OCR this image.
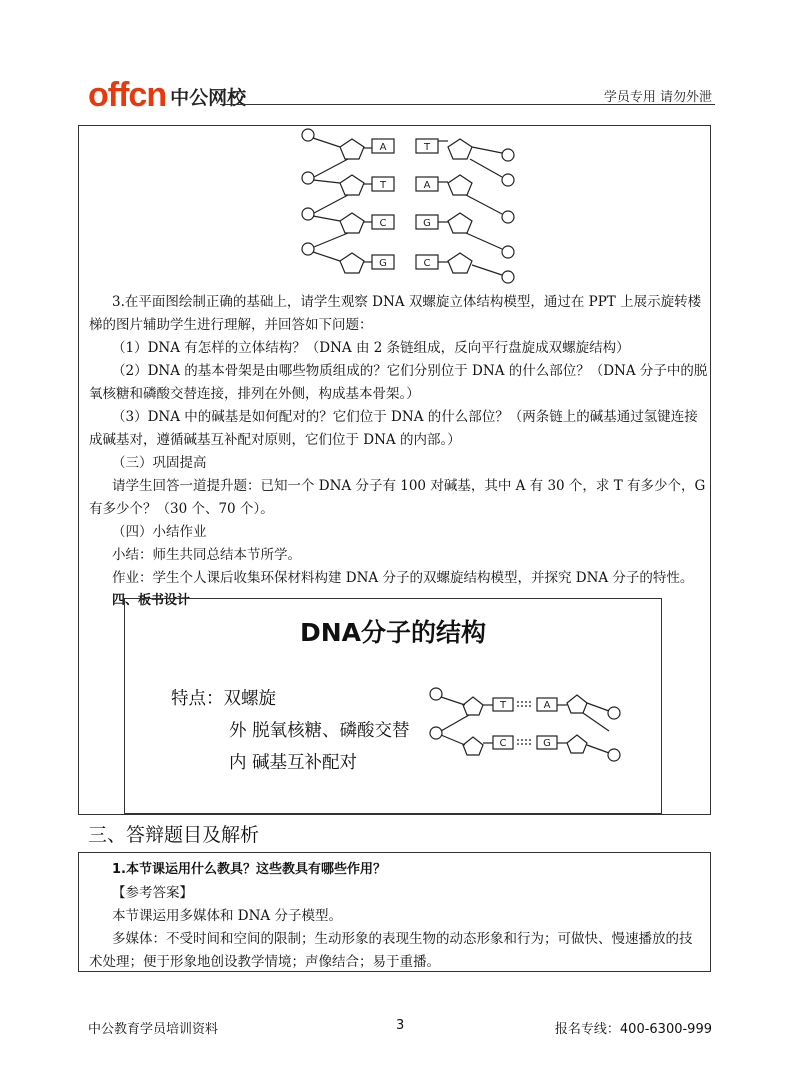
offcn 中公网校	学员专用 请勿外泄
A	T
T	A
C	G
G	C
3.在平面图绘制正确的基础上，请学生观察 DNA 双螺旋立体结构模型，通过在 PPT 上展示旋转楼
梯的图片辅助学生进行理解，并回答如下问题：
（1）DNA 有怎样的立体结构？（DNA 由 2 条链组成，反向平行盘旋成双螺旋结构）
（2）DNA 的基本骨架是由哪些物质组成的？它们分别位于 DNA 的什么部位？（DNA 分子中的脱
氧核糖和磷酸交替连接，排列在外侧，构成基本骨架。）
（3）DNA 中的碱基是如何配对的？它们位于 DNA 的什么部位？（两条链上的碱基通过氢键连接
成碱基对，遵循碱基互补配对原则，它们位于 DNA 的内部。）
（三）巩固提高
请学生回答一道提升题：已知一个 DNA 分子有 100 对碱基，其中 A 有 30 个，求 T 有多少个，G
有多少个？（30 个、70 个）。
（四）小结作业
小结：师生共同总结本节所学。
作业：学生个人课后收集环保材料构建 DNA 分子的双螺旋结构模型，并探究 DNA 分子的特性。
四、板书设计
DNA分子的结构
特点：双螺旋
外 脱氧核糖、磷酸交替
内 碱基互补配对
T	A
C	G
三、答辩题目及解析
1.本节课运用什么教具？这些教具有哪些作用？
【参考答案】
本节课运用多媒体和 DNA 分子模型。
多媒体：不受时间和空间的限制；生动形象的表现生物的动态形象和行为；可做快、慢速播放的技
术处理；便于形象地创设教学情境；声像结合；易于重播。
中公教育学员培训资料	3	报名专线：400-6300-999
